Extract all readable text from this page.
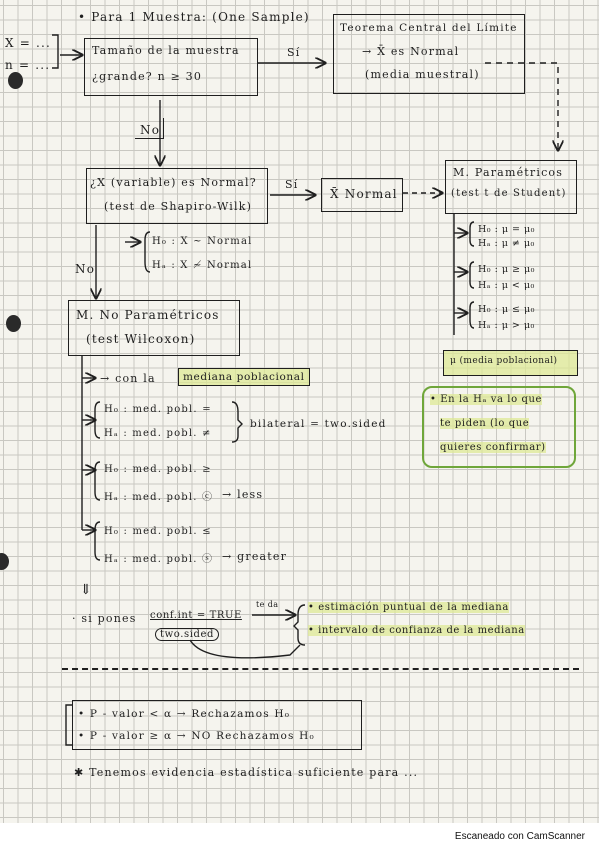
• Para 1 Muestra: (One Sample)
X = ...
n = ...
Tamaño de la muestra
¿grande? n ≥ 30
Sí
No
Teorema Central del Límite
→ X̄ es Normal
(media muestral)
¿X (variable) es Normal?
(test de Shapiro-Wilk)
Sí
No
H₀ : X ~ Normal
Hₐ : X ≁ Normal
X̄ Normal
M. Paramétricos
(test t de Student)
H₀ : μ = μ₀
Hₐ : μ ≠ μ₀
H₀ : μ ≥ μ₀
Hₐ : μ < μ₀
H₀ : μ ≤ μ₀
Hₐ : μ > μ₀
μ (media poblacional)
• En la Hₐ va lo que
te piden (lo que
quieres confirmar)
M. No Paramétricos
(test Wilcoxon)
→ con la	mediana poblacional
H₀ : med. pobl. =
Hₐ : med. pobl. ≠
bilateral = two.sided
H₀ : med. pobl. ≥
Hₐ : med. pobl. ⓒ → less
H₀ : med. pobl. ≤
Hₐ : med. pobl. ⓢ → greater
⇓
· si pones conf.int = TRUE
te da
two.sided
• estimación puntual de la mediana
• intervalo de confianza de la mediana
• P - valor < α → Rechazamos H₀
• P - valor ≥ α → NO Rechazamos H₀
✱ Tenemos evidencia estadística suficiente para ...
Escaneado con CamScanner
